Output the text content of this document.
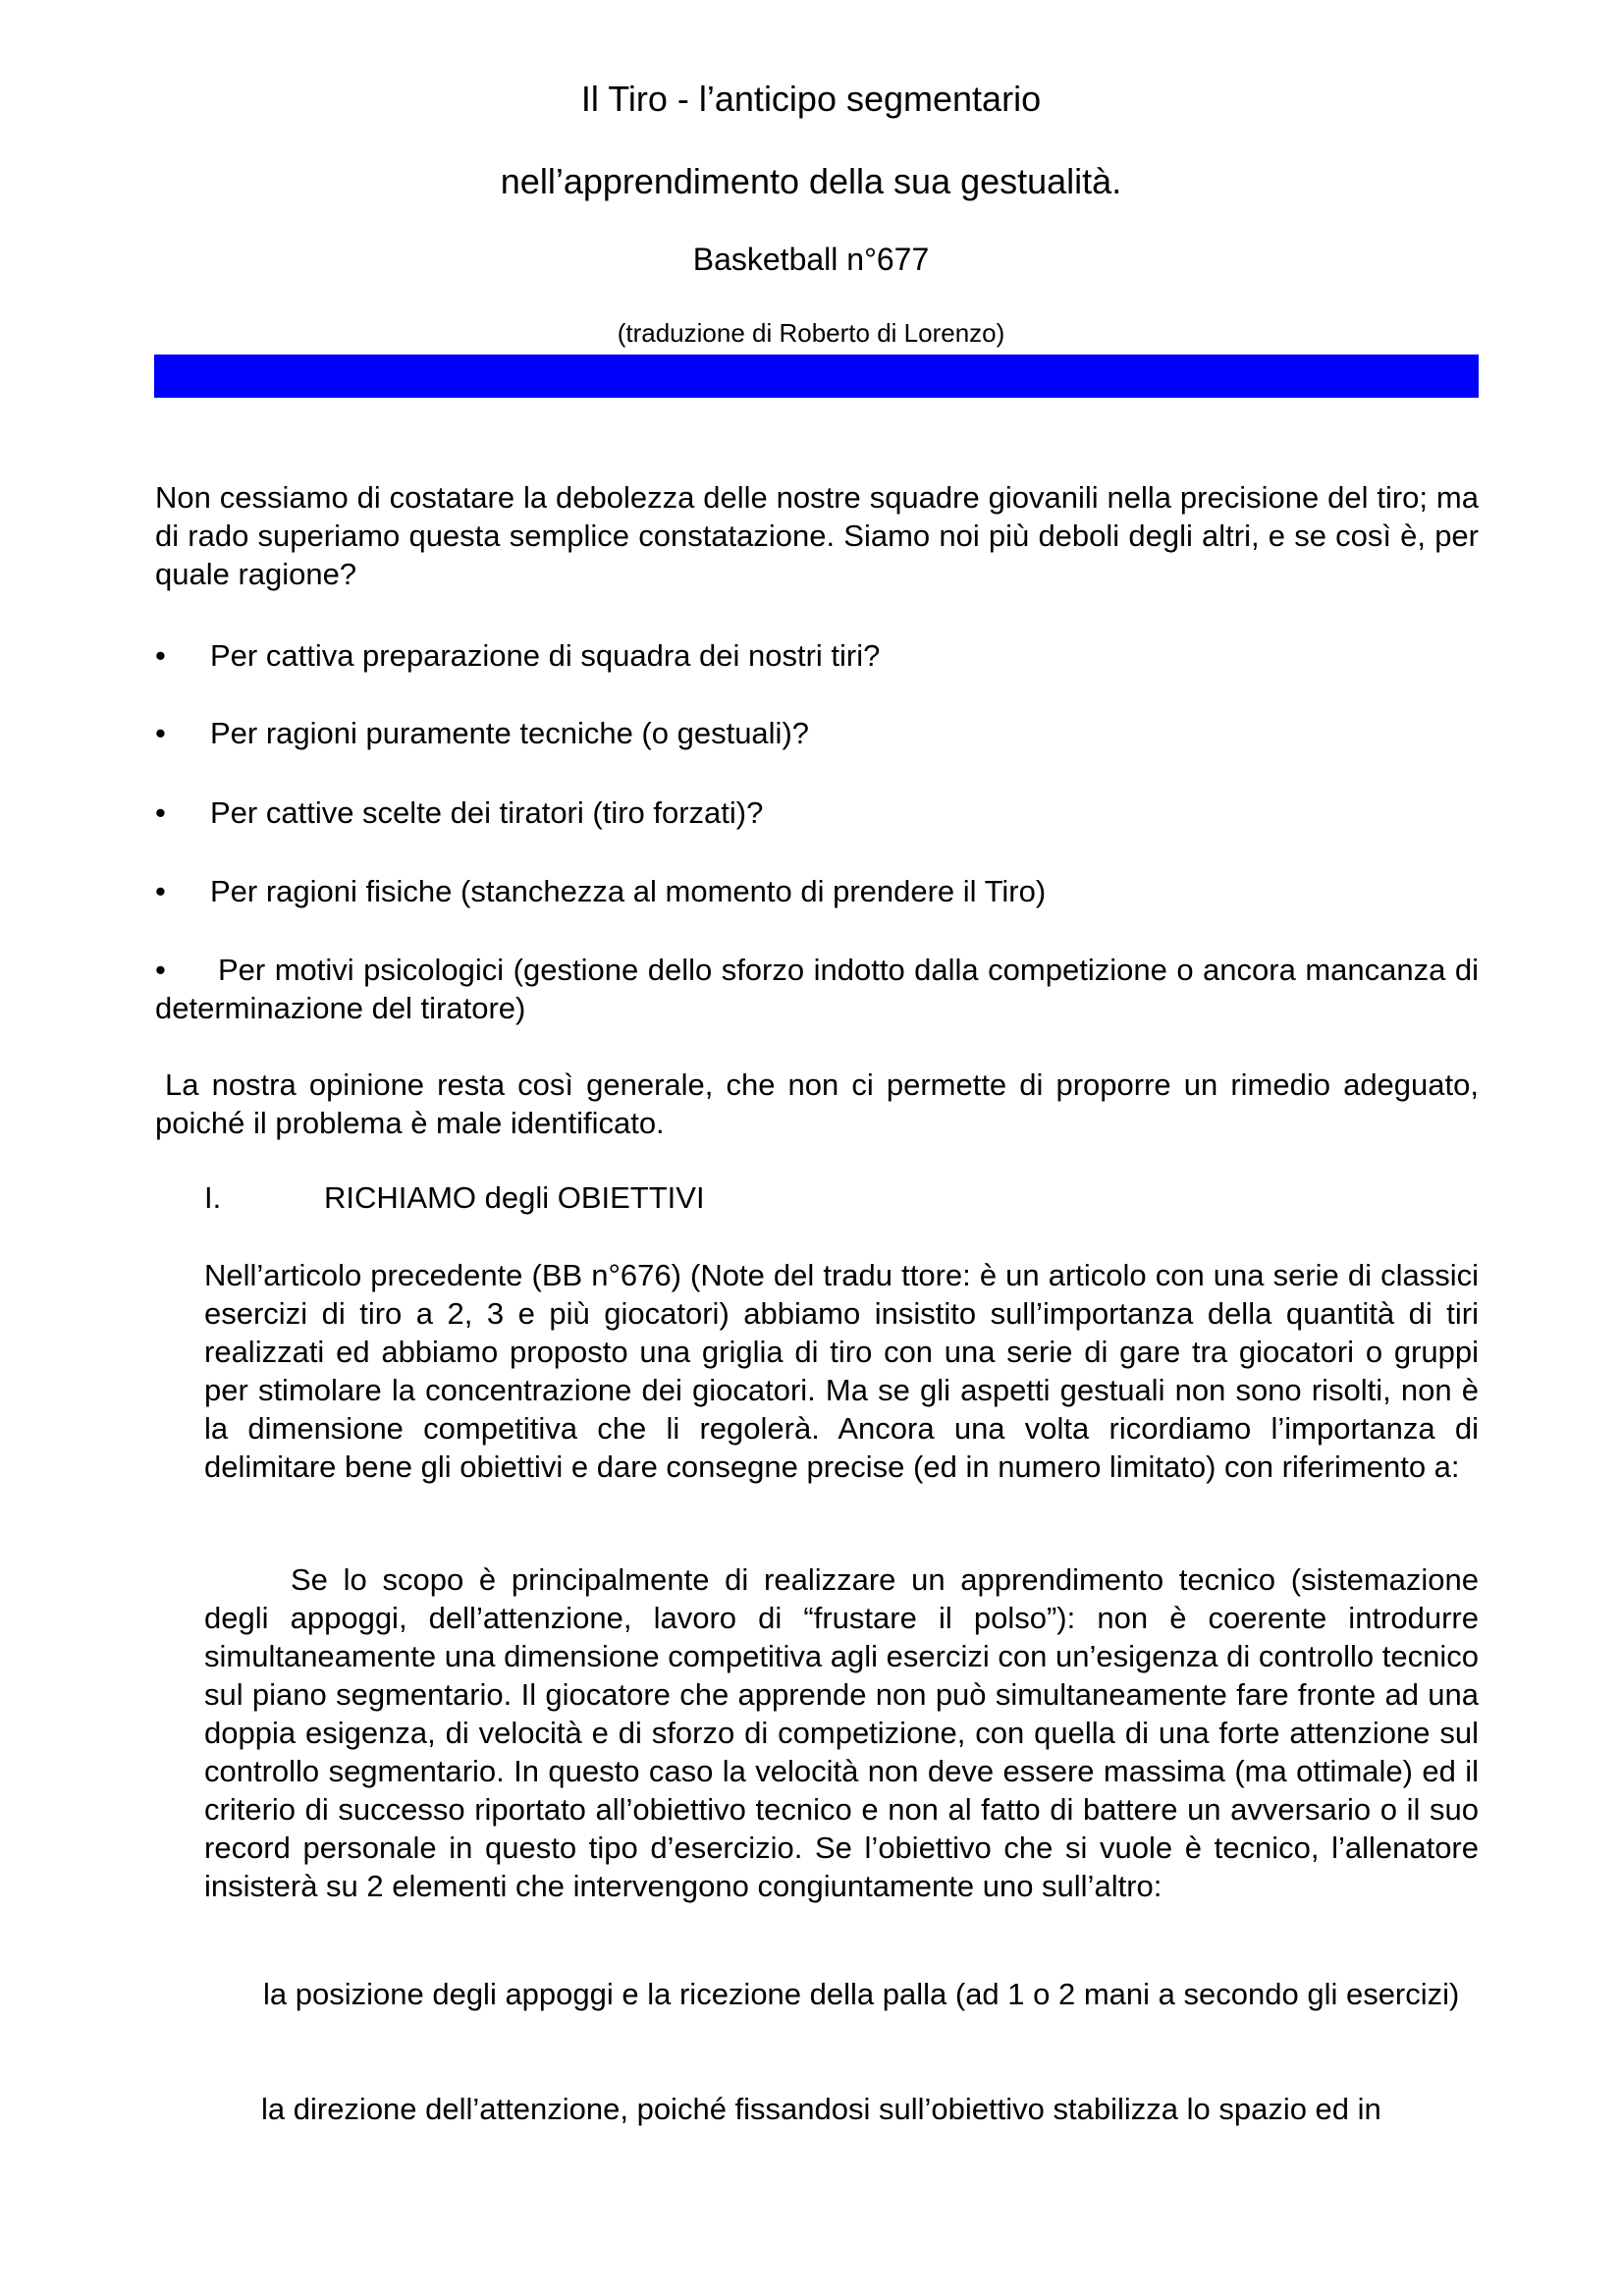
Il Tiro - l’anticipo segmentario
nell’apprendimento della sua gestualità.
Basketball n°677
(traduzione di Roberto di Lorenzo)
Non cessiamo di costatare la debolezza delle nostre squadre giovanili nella precisione del tiro; ma di rado superiamo questa semplice constatazione. Siamo noi più deboli degli altri, e se così è, per quale ragione?
• Per cattiva preparazione di squadra dei nostri tiri?
• Per ragioni puramente tecniche (o gestuali)?
• Per cattive scelte dei tiratori (tiro forzati)?
• Per ragioni fisiche (stanchezza al momento di prendere il Tiro)
• Per motivi psicologici (gestione dello sforzo indotto dalla competizione o ancora mancanza di determinazione del tiratore)
La nostra opinione resta così generale, che non ci permette di proporre un rimedio adeguato, poiché il problema è male identificato.
I.	RICHIAMO degli OBIETTIVI
Nell’articolo precedente (BB n°676) (Note del tradu ttore: è un articolo con una serie di classici esercizi di tiro a 2, 3 e più giocatori) abbiamo insistito sull’importanza della quantità di tiri realizzati ed abbiamo proposto una griglia di tiro con una serie di gare tra giocatori o gruppi per stimolare la concentrazione dei giocatori. Ma se gli aspetti gestuali non sono risolti, non è la dimensione competitiva che li regolerà. Ancora una volta ricordiamo l’importanza di delimitare bene gli obiettivi e dare consegne precise (ed in numero limitato) con riferimento a:
Se lo scopo è principalmente di realizzare un apprendimento tecnico (sistemazione degli appoggi, dell’attenzione, lavoro di “frustare il polso”): non è coerente introdurre simultaneamente una dimensione competitiva agli esercizi con un’esigenza di controllo tecnico sul piano segmentario. Il giocatore che apprende non può simultaneamente fare fronte ad una doppia esigenza, di velocità e di sforzo di competizione, con quella di una forte attenzione sul controllo segmentario. In questo caso la velocità non deve essere massima (ma ottimale) ed il criterio di successo riportato all’obiettivo tecnico e non al fatto di battere un avversario o il suo record personale in questo tipo d’esercizio. Se l’obiettivo che si vuole è tecnico, l’allenatore insisterà su 2 elementi che intervengono congiuntamente uno sull’altro:
la posizione degli appoggi e la ricezione della palla (ad 1 o 2 mani a secondo gli esercizi)
la direzione dell’attenzione, poiché fissandosi sull’obiettivo stabilizza lo spazio ed in
